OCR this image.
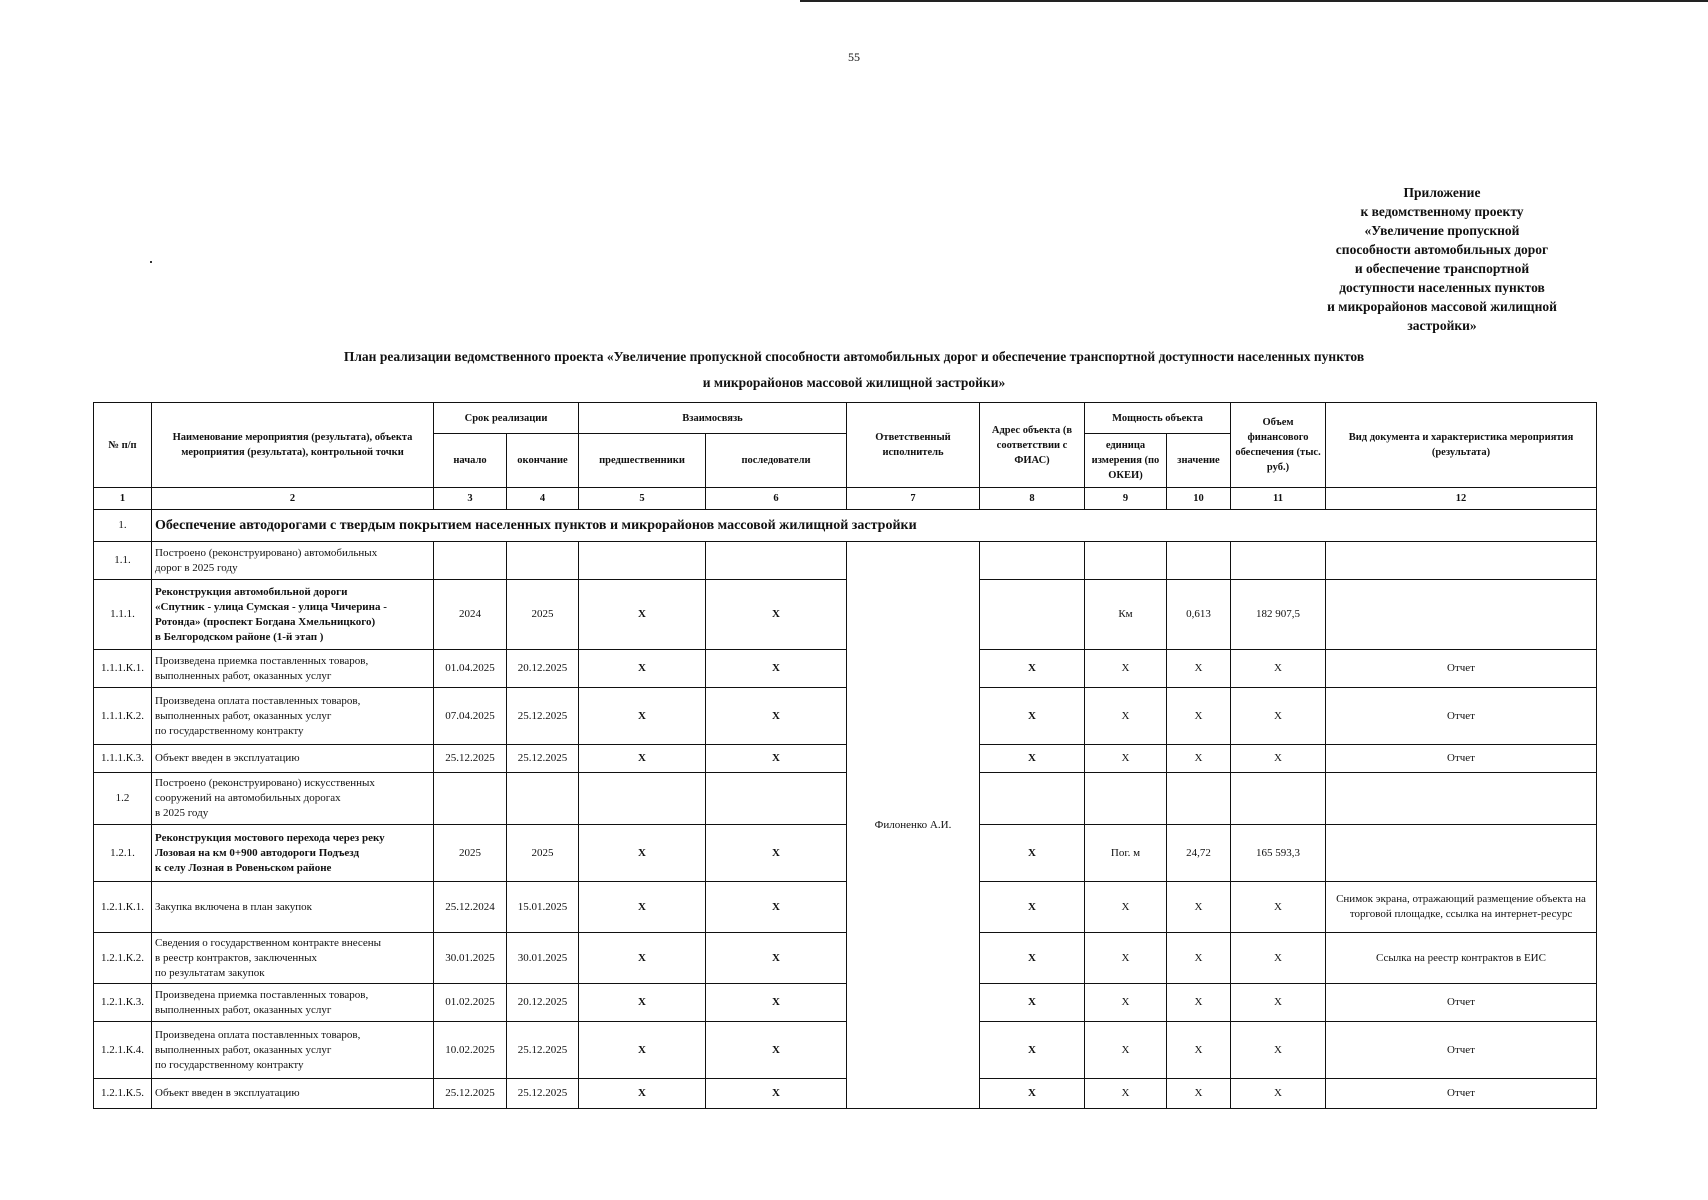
55
Приложение
к ведомственному проекту
«Увеличение пропускной
способности автомобильных дорог
и обеспечение транспортной
доступности населенных пунктов
и микрорайонов массовой жилищной
застройки»
План реализации ведомственного проекта «Увеличение пропускной способности автомобильных дорог и обеспечение транспортной доступности населенных пунктов
и микрорайонов массовой жилищной застройки»
№ п/п	Наименование мероприятия (результата), объекта мероприятия (результата), контрольной точки	Срок реализации		Взаимосвязь		Ответственный исполнитель	Адрес объекта (в соответствии с ФИАС)	Мощность объекта		Объем финансового обеспечения (тыс. руб.)	Вид документа и характеристика мероприятия (результата)
		начало	окончание	предшественники	последователи			единица измерения (по ОКЕИ)	значение		
1	2	3	4	5	6	7	8	9	10	11	12
1.	Обеспечение автодорогами с твердым покрытием населенных пунктов и микрорайонов массовой жилищной застройки										
1.1.	Построено (реконструировано) автомобильных
дорог в 2025 году					Филоненко А.И.					
1.1.1.	Реконструкция автомобильной дороги
«Спутник - улица Сумская - улица Чичерина -
Ротонда» (проспект Богдана Хмельницкого)
в Белгородском районе (1-й этап )	2024	2025	X	X			Км	0,613	182 907,5	
1.1.1.К.1.	Произведена приемка поставленных товаров,
выполненных работ, оказанных услуг	01.04.2025	20.12.2025	X	X		X	X	X	X	Отчет
1.1.1.К.2.	Произведена оплата поставленных товаров,
выполненных работ, оказанных услуг
по государственному контракту	07.04.2025	25.12.2025	X	X		X	X	X	X	Отчет
1.1.1.К.3.	Объект введен в эксплуатацию	25.12.2025	25.12.2025	X	X		X	X	X	X	Отчет
1.2	Построено (реконструировано) искусственных
сооружений на автомобильных дорогах
в 2025 году										
1.2.1.	Реконструкция мостового перехода через реку
Лозовая на км 0+900 автодороги Подъезд
к селу Лозная в Ровеньском районе	2025	2025	X	X		X	Пог. м	24,72	165 593,3	
1.2.1.К.1.	Закупка включена в план закупок	25.12.2024	15.01.2025	X	X		X	X	X	X	Снимок экрана, отражающий размещение объекта на торговой площадке, ссылка на интернет-ресурс
1.2.1.К.2.	Сведения о государственном контракте внесены
в реестр контрактов, заключенных
по результатам закупок	30.01.2025	30.01.2025	X	X		X	X	X	X	Ссылка на реестр контрактов в ЕИС
1.2.1.К.3.	Произведена приемка поставленных товаров,
выполненных работ, оказанных услуг	01.02.2025	20.12.2025	X	X		X	X	X	X	Отчет
1.2.1.К.4.	Произведена оплата поставленных товаров,
выполненных работ, оказанных услуг
по государственному контракту	10.02.2025	25.12.2025	X	X		X	X	X	X	Отчет
1.2.1.К.5.	Объект введен в эксплуатацию	25.12.2025	25.12.2025	X	X		X	X	X	X	Отчет
